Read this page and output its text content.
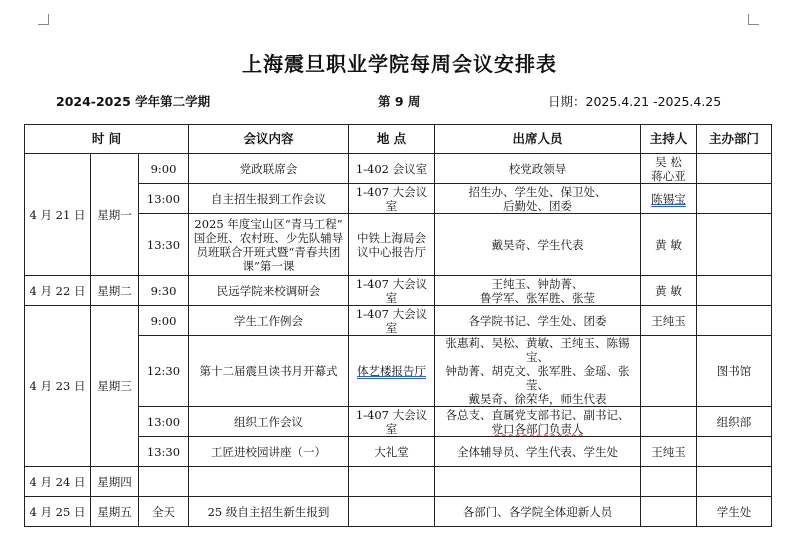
上海震旦职业学院每周会议安排表
2024-2025 学年第二学期	第 9 周	日期：2025.4.21 -2025.4.25
时 间			会议内容	地 点	出席人员	主持人	主办部门
4 月 21 日	星期一	9:00	党政联席会	1-402 会议室	校党政领导	吴 松
蒋心亚	

		13:00	自主招生报到工作会议	1-407 大会议室	招生办、学生处、保卫处、
后勤处、团委	陈锡宝	
		13:30	2025 年度宝山区“青马工程”
国企班、农村班、少先队辅导
员班联合开班式暨“青春共团
课”第一课	中铁上海局会
议中心报告厅	戴昊奇、学生代表	黄 敏	
4 月 22 日	星期二	9:30	民远学院来校调研会	1-407 大会议室	王纯玉、钟劼菁、
鲁学军、张军胜、张莹	黄 敏	
4 月 23 日	星期三	9:00	学生工作例会	1-407 大会议室	各学院书记、学生处、团委	王纯玉	
		12:30	第十二届震旦读书月开幕式	体艺楼报告厅	张惠莉、吴松、黄敏、王纯玉、陈锡宝、
钟劼菁、胡克文、张军胜、金瑶、张莹、
戴昊奇、徐荣华，师生代表		图书馆
		13:00	组织工作会议	1-407 大会议室	各总支、直属党支部书记、副书记、
党口各部门负责人		组织部
		13:30	工匠进校园讲座（一）	大礼堂	全体辅导员、学生代表、学生处	王纯玉	
4 月 24 日	星期四						
4 月 25 日	星期五	全天	25 级自主招生新生报到		各部门、各学院全体迎新人员		学生处
